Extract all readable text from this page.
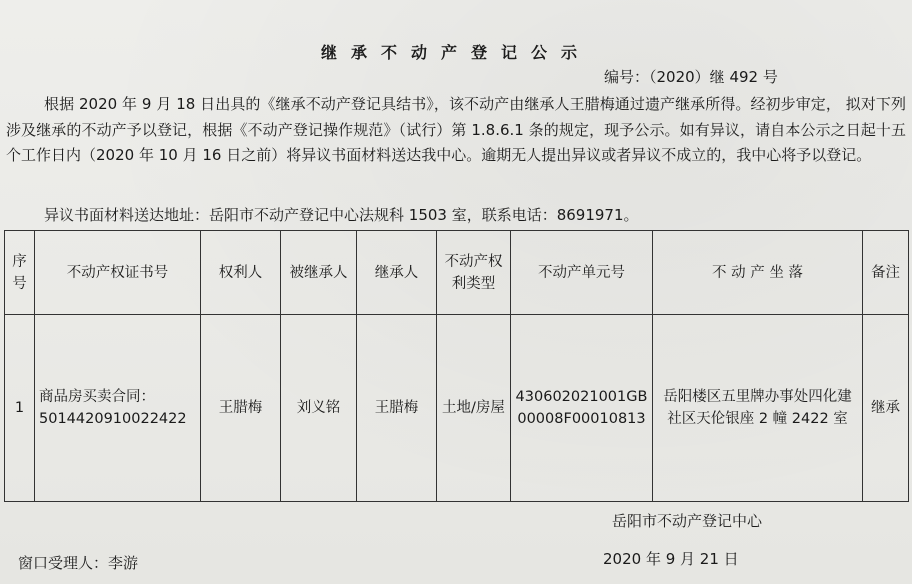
继承不动产登记公示
编号：（2020）继 492 号
根据 2020 年 9 月 18 日出具的《继承不动产登记具结书》，该不动产由继承人王腊梅通过遗产继承所得。经初步审定， 拟对下列涉及继承的不动产予以登记，根据《不动产登记操作规范》（试行）第 1.8.6.1 条的规定，现予公示。如有异议，请自本公示之日起十五个工作日内（2020 年 10 月 16 日之前）将异议书面材料送达我中心。逾期无人提出异议或者异议不成立的，我中心将予以登记。
异议书面材料送达地址：岳阳市不动产登记中心法规科 1503 室，联系电话：8691971。
序号	不动产权证书号	权利人	被继承人	继承人	不动产权利类型	不动产单元号	不 动 产 坐 落	备注
1	商品房买卖合同：5014420910022422	王腊梅	刘义铭	王腊梅	土地/房屋	430602021001GB00008F00010813	岳阳楼区五里牌办事处四化建社区天伦银座 2 幢 2422 室	继承
岳阳市不动产登记中心
窗口受理人：李游	2020 年 9 月 21 日
